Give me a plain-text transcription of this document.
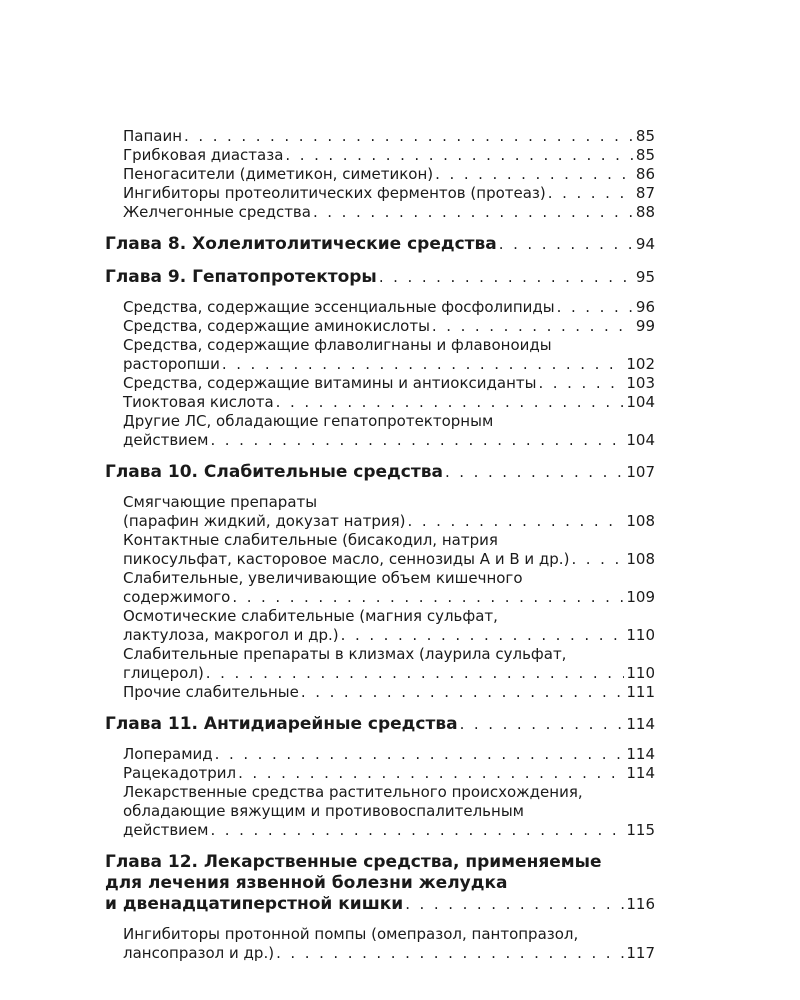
Папаин . . .	85
Грибковая диастаза . . .	85
Пеногасители (диметикон, симетикон) . . .	86
Ингибиторы протеолитических ферментов (протеаз) . . .	87
Желчегонные средства . . .	88
Глава 8. Холелитолитические средства . . .	94
Глава 9. Гепатопротекторы . . .	95
Средства, содержащие эссенциальные фосфолипиды . . .	96
Средства, содержащие аминокислоты . . .	99
Средства, содержащие флаволигнаны и флавоноиды
расторопши . . .	102
Средства, содержащие витамины и антиоксиданты . . .	103
Тиоктовая кислота . . .	104
Другие ЛС, обладающие гепатопротекторным
действием . . .	104
Глава 10. Слабительные средства . . .	107
Смягчающие препараты
(парафин жидкий, докузат натрия) . . .	108
Контактные слабительные (бисакодил, натрия
пикосульфат, касторовое масло, сеннозиды А и В и др.) . . .	108
Слабительные, увеличивающие объем кишечного
содержимого . . .	109
Осмотические слабительные (магния сульфат,
лактулоза, макрогол и др.) . . .	110
Слабительные препараты в клизмах (лаурила сульфат,
глицерол) . . .	110
Прочие слабительные . . .	111
Глава 11. Антидиарейные средства . . .	114
Лоперамид . . .	114
Рацекадотрил . . .	114
Лекарственные средства растительного происхождения,
обладающие вяжущим и противовоспалительным
действием . . .	115
Глава 12. Лекарственные средства, применяемые
для лечения язвенной болезни желудка
и двенадцатиперстной кишки . . .	116
Ингибиторы протонной помпы (омепразол, пантопразол,
лансопразол и др.) . . .	117
